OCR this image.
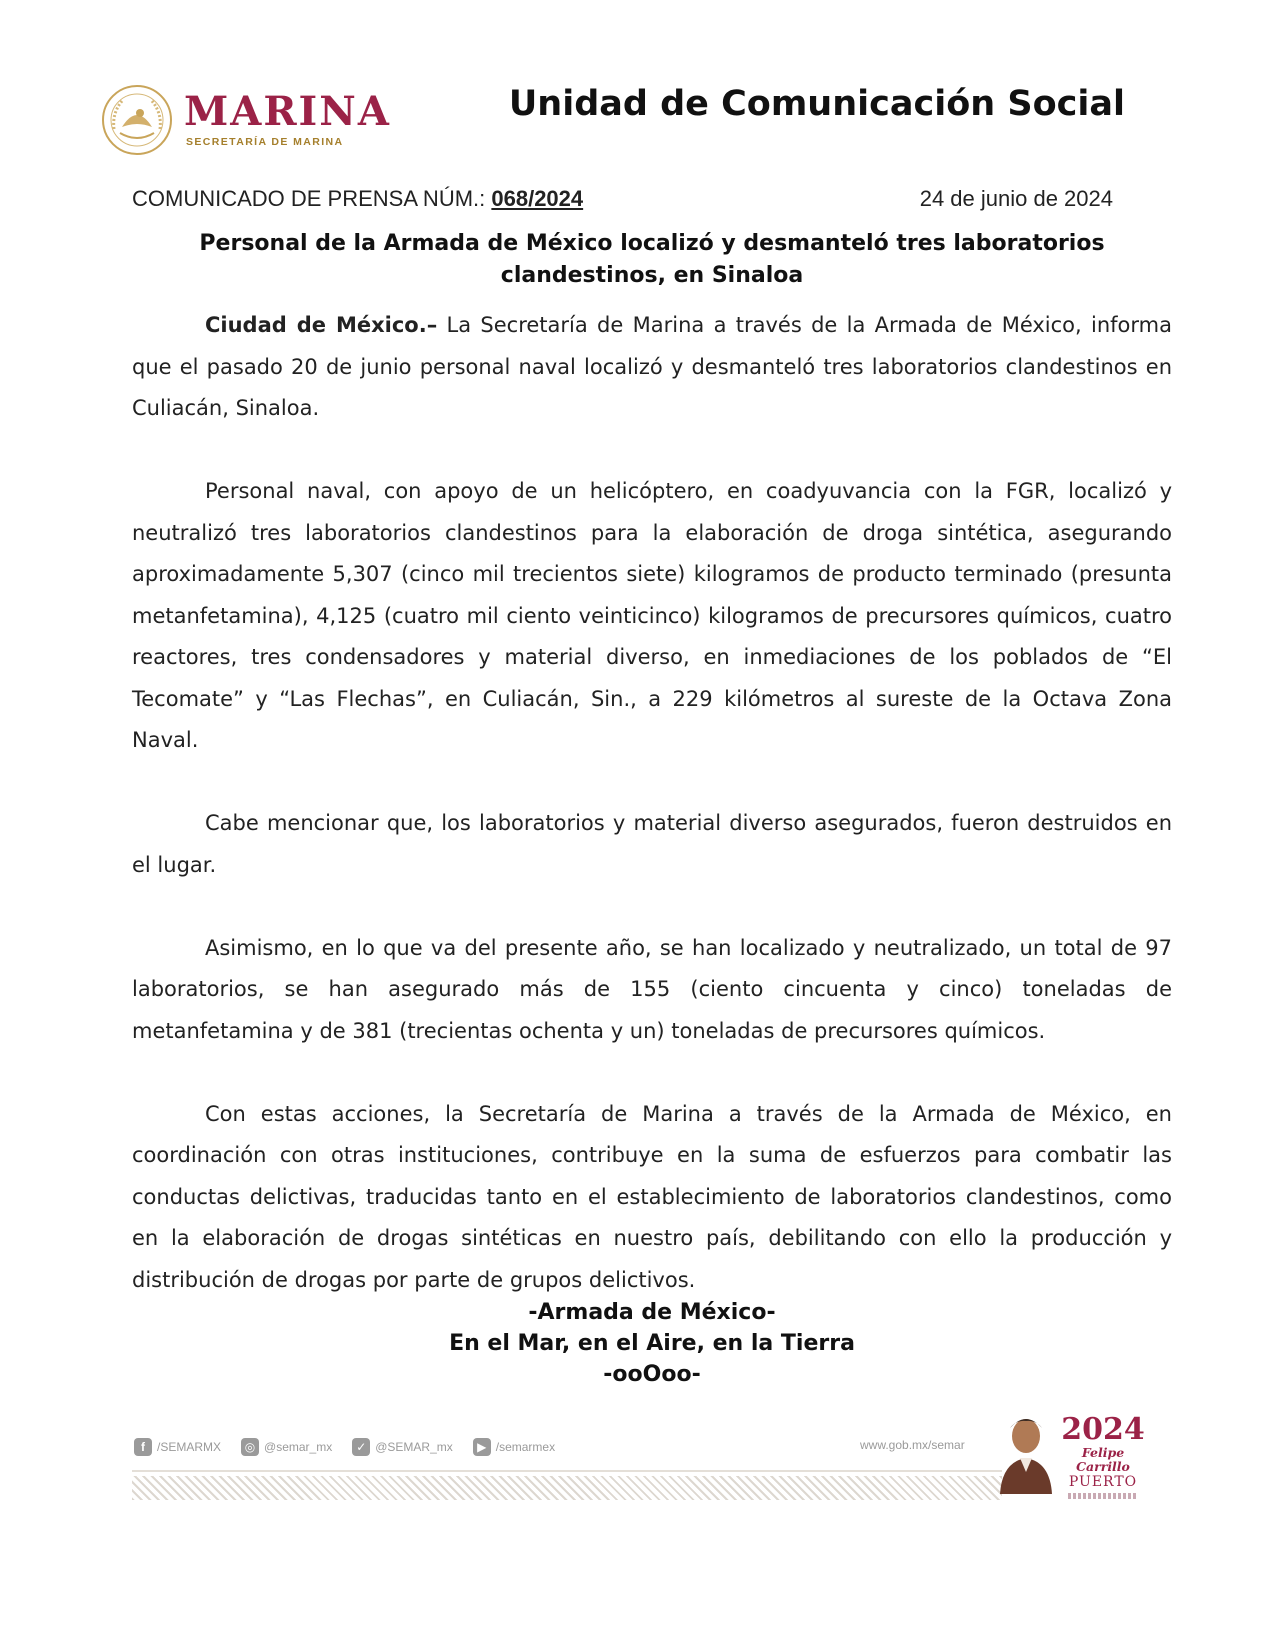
MARINA
SECRETARÍA DE MARINA
Unidad de Comunicación Social
COMUNICADO DE PRENSA NÚM.: 068/2024	24 de junio de 2024
Personal de la Armada de México localizó y desmanteló tres laboratorios
clandestinos, en Sinaloa

Ciudad de México.– La Secretaría de Marina a través de la Armada de México, informa que el pasado 20 de junio personal naval localizó y desmanteló tres laboratorios clandestinos en Culiacán, Sinaloa.

Personal naval, con apoyo de un helicóptero, en coadyuvancia con la FGR, localizó y neutralizó tres laboratorios clandestinos para la elaboración de droga sintética, asegurando aproximadamente 5,307 (cinco mil trecientos siete) kilogramos de producto terminado (presunta metanfetamina), 4,125 (cuatro mil ciento veinticinco) kilogramos de precursores químicos, cuatro reactores, tres condensadores y material diverso, en inmediaciones de los poblados de “El Tecomate” y “Las Flechas”, en Culiacán, Sin., a 229 kilómetros al sureste de la Octava Zona Naval.

Cabe mencionar que, los laboratorios y material diverso asegurados, fueron destruidos en el lugar.

Asimismo, en lo que va del presente año, se han localizado y neutralizado, un total de 97 laboratorios, se han asegurado más de 155 (ciento cincuenta y cinco) toneladas de metanfetamina y de 381 (trecientas ochenta y un) toneladas de precursores químicos.

Con estas acciones, la Secretaría de Marina a través de la Armada de México, en coordinación con otras instituciones, contribuye en la suma de esfuerzos para combatir las conductas delictivas, traducidas tanto en el establecimiento de laboratorios clandestinos, como en la elaboración de drogas sintéticas en nuestro país, debilitando con ello la producción y distribución de drogas por parte de grupos delictivos.

-Armada de México-
En el Mar, en el Aire, en la Tierra
-ooOoo-
f	/SEMARMX	◎ @semar_mx	✓ @SEMAR_mx	▶ /semarmex	www.gob.mx/semar	2024
Felipe Carrillo
PUERTO
